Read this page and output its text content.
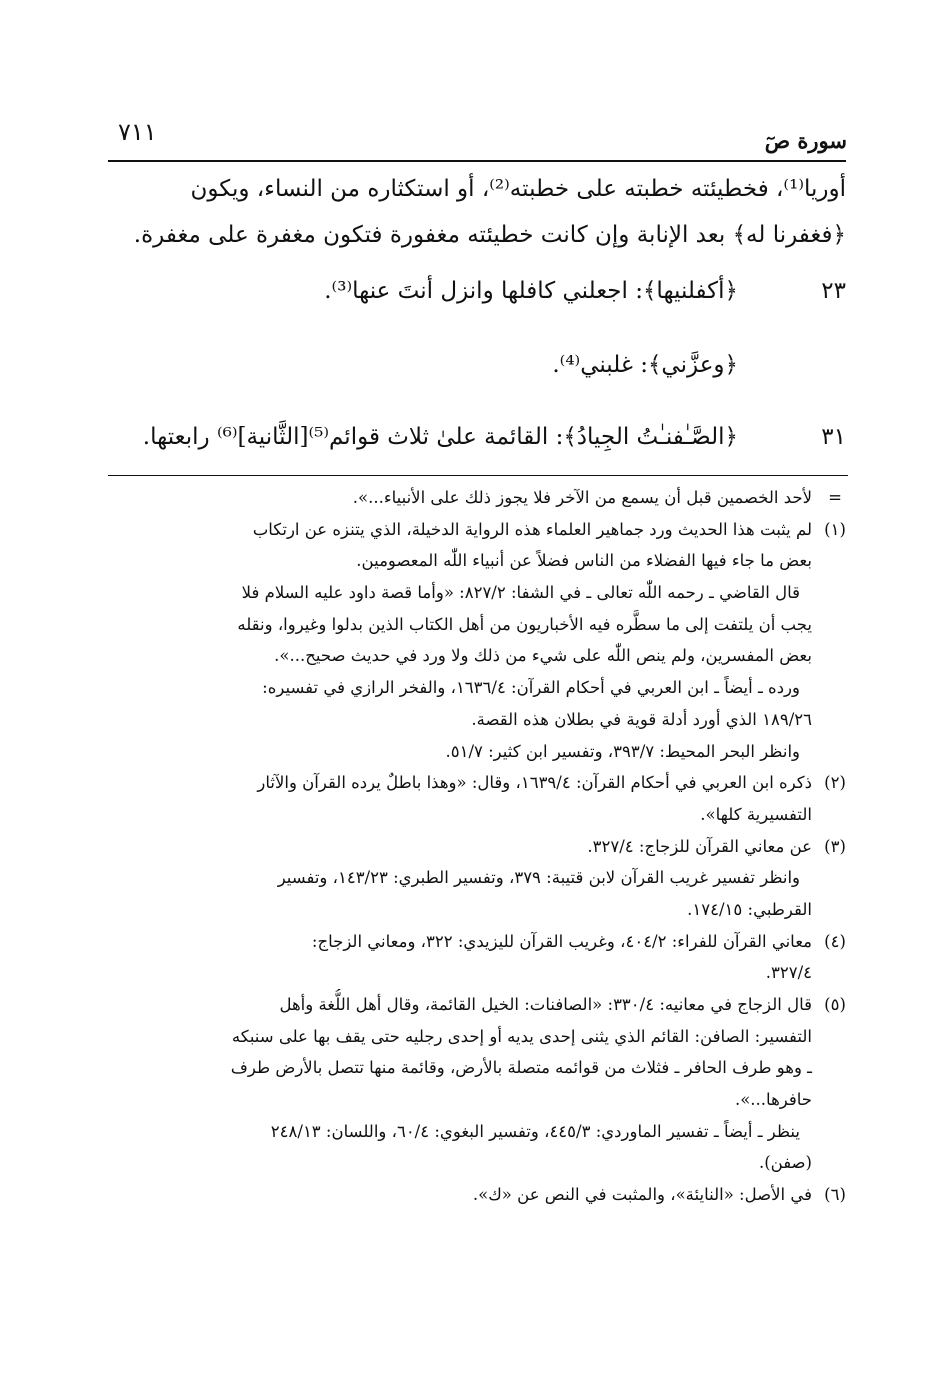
٧١١	سورة صٓ
أوريا⁽¹⁾، فخطيئته خطبته على خطبته⁽²⁾، أو استكثاره من النساء، ويكون
﴿فغفرنا له﴾ بعد الإنابة وإن كانت خطيئته مغفورة فتكون مغفرة على مغفرة.
٢٣
﴿أكفلنيها﴾: اجعلني كافلها وانزل أنتَ عنها⁽³⁾.
﴿وعزَّني﴾: غلبني⁽⁴⁾.
٣١
﴿الصَّـٰفنـٰتُ الجِيادُ﴾: القائمة علىٰ ثلاث قوائم⁽⁵⁾[الثَّانية]⁽⁶⁾ رابعتها.
=
لأحد الخصمين قبل أن يسمع من الآخر فلا يجوز ذلك على الأنبياء...».
(١)
لم يثبت هذا الحديث ورد جماهير العلماء هذه الرواية الدخيلة، الذي يتنزه عن ارتكاب
بعض ما جاء فيها الفضلاء من الناس فضلاً عن أنبياء اللّٰه المعصومين.
قال القاضي ـ رحمه اللّٰه تعالى ـ في الشفا: ٨٢٧/٢: «وأما قصة داود عليه السلام فلا
يجب أن يلتفت إلى ما سطَّره فيه الأخباريون من أهل الكتاب الذين بدلوا وغيروا، ونقله
بعض المفسرين، ولم ينص اللّٰه على شيء من ذلك ولا ورد في حديث صحيح...».
ورده ـ أيضاً ـ ابن العربي في أحكام القرآن: ١٦٣٦/٤، والفخر الرازي في تفسيره:
١٨٩/٢٦ الذي أورد أدلة قوية في بطلان هذه القصة.
وانظر البحر المحيط: ٣٩٣/٧، وتفسير ابن كثير: ٥١/٧.
(٢)
ذكره ابن العربي في أحكام القرآن: ١٦٣٩/٤، وقال: «وهذا باطلٌ يرده القرآن والآثار
التفسيرية كلها».
(٣)
عن معاني القرآن للزجاج: ٣٢٧/٤.
وانظر تفسير غريب القرآن لابن قتيبة: ٣٧٩، وتفسير الطبري: ١٤٣/٢٣، وتفسير
القرطبي: ١٧٤/١٥.
(٤)
معاني القرآن للفراء: ٤٠٤/٢، وغريب القرآن لليزيدي: ٣٢٢، ومعاني الزجاج:
٣٢٧/٤.
(٥)
قال الزجاج في معانيه: ٣٣٠/٤: «الصافنات: الخيل القائمة، وقال أهل اللُّغة وأهل
التفسير: الصافن: القائم الذي يثنى إحدى يديه أو إحدى رجليه حتى يقف بها على سنبكه
ـ وهو طرف الحافر ـ فثلاث من قوائمه متصلة بالأرض، وقائمة منها تتصل بالأرض طرف
حافرها...».
ينظر ـ أيضاً ـ تفسير الماوردي: ٤٤٥/٣، وتفسير البغوي: ٦٠/٤، واللسان: ٢٤٨/١٣
(صفن).
(٦)
في الأصل: «النايئة»، والمثبت في النص عن «ك».
